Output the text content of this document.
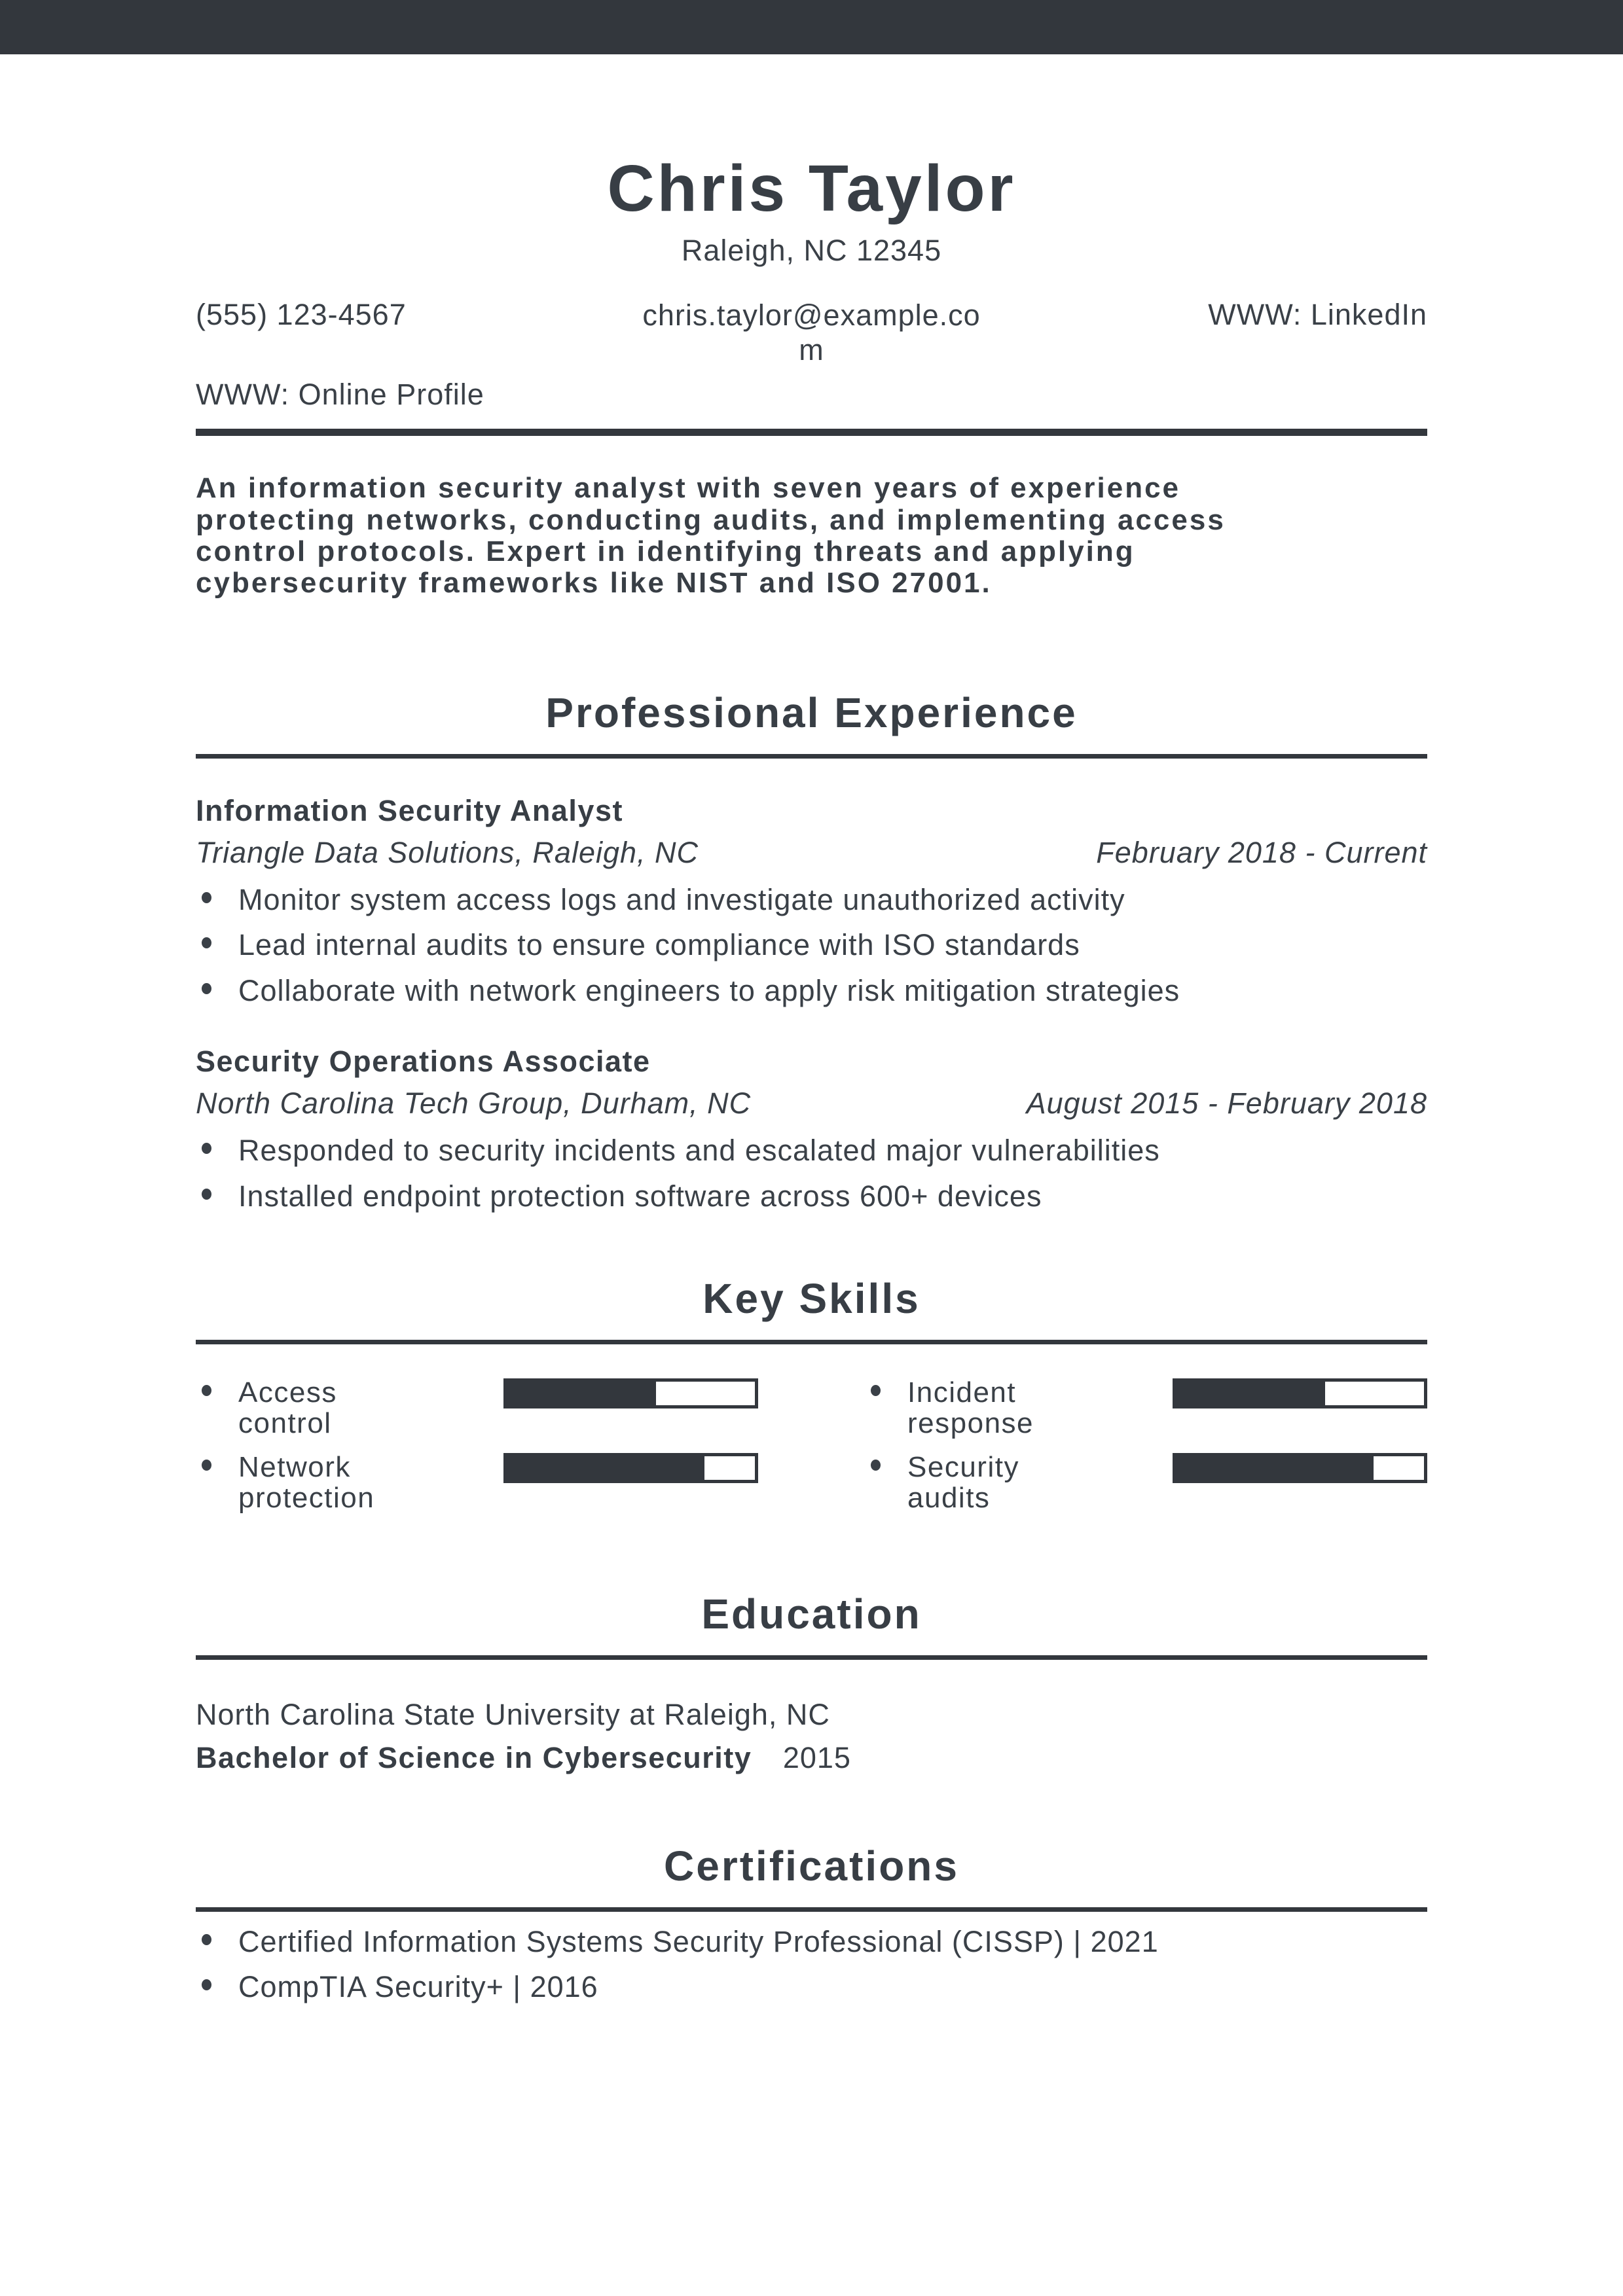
Chris Taylor
Raleigh, NC 12345
(555) 123-4567	chris.taylor@example.com
WWW: LinkedIn
WWW: Online Profile
An information security analyst with seven years of experience protecting networks, conducting audits, and implementing access control protocols. Expert in identifying threats and applying cybersecurity frameworks like NIST and ISO 27001.
Professional Experience
Information Security Analyst
Triangle Data Solutions, Raleigh, NC	February 2018 - Current
Monitor system access logs and investigate unauthorized activity
Lead internal audits to ensure compliance with ISO standards
Collaborate with network engineers to apply risk mitigation strategies
Security Operations Associate
North Carolina Tech Group, Durham, NC	August 2015 - February 2018
Responded to security incidents and escalated major vulnerabilities
Installed endpoint protection software across 600+ devices
Key Skills
Access control
Incident response
Network protection
Security audits
Education
North Carolina State University at Raleigh, NC
Bachelor of Science in Cybersecurity 2015
Certifications
Certified Information Systems Security Professional (CISSP) | 2021
CompTIA Security+ | 2016
